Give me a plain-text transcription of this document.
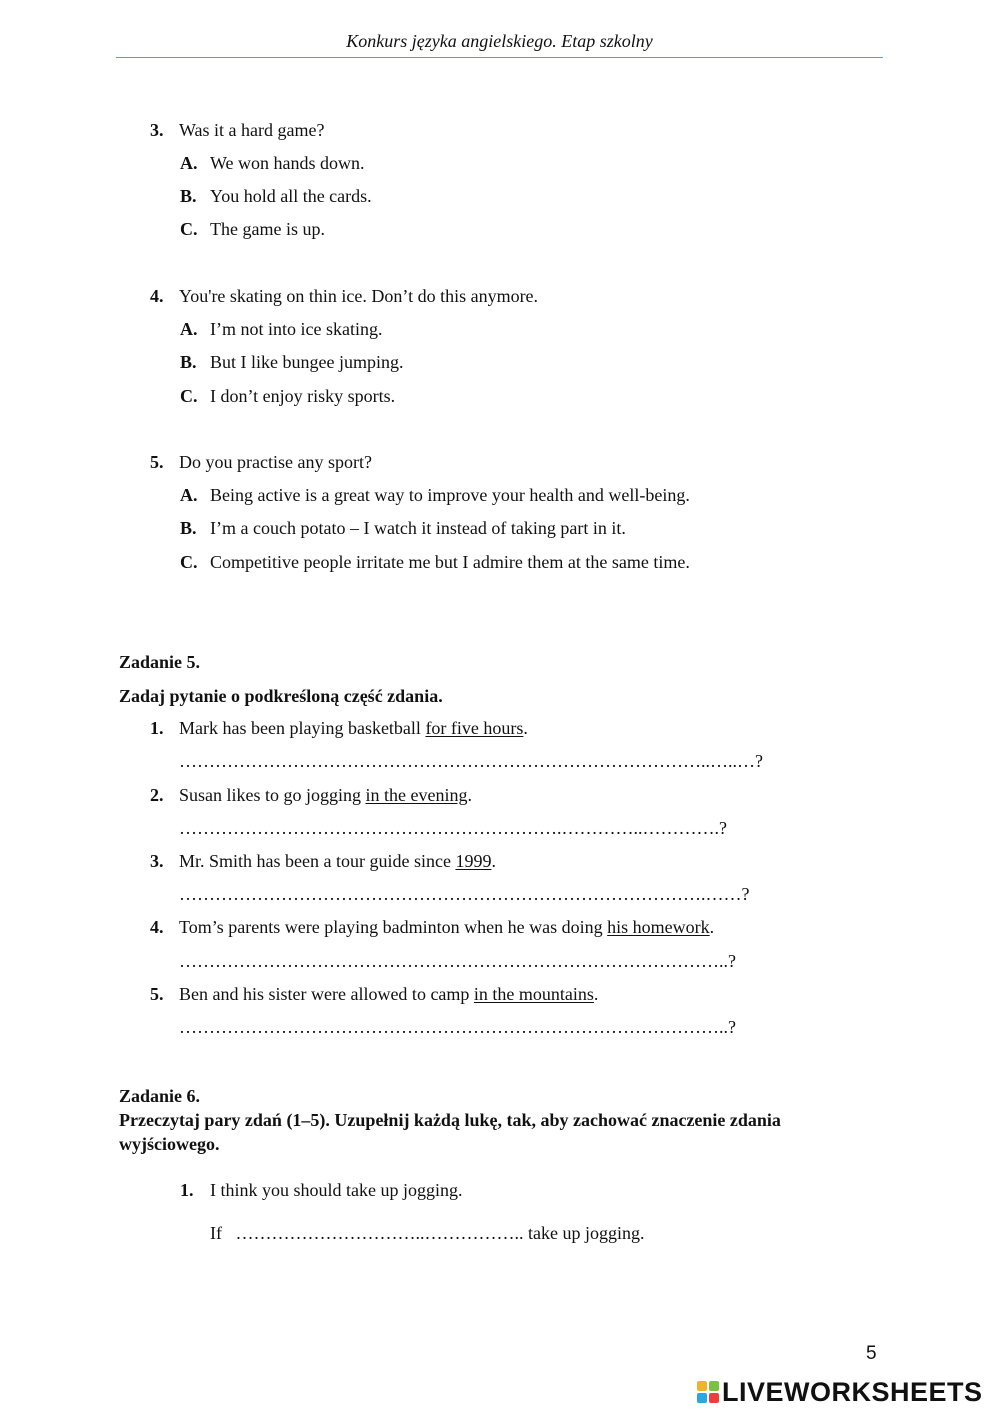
Konkurs języka angielskiego. Etap szkolny
3. Was it a hard game?
A. We won hands down.
B. You hold all the cards.
C. The game is up.
4. You're skating on thin ice. Don’t do this anymore.
A. I’m not into ice skating.
B. But I like bungee jumping.
C. I don’t enjoy risky sports.
5. Do you practise any sport?
A. Being active is a great way to improve your health and well-being.
B. I’m a couch potato – I watch it instead of taking part in it.
C. Competitive people irritate me but I admire them at the same time.
Zadanie 5.
Zadaj pytanie o podkreśloną część zdania.
1. Mark has been playing basketball for five hours.
……………………………………………………………………………..…..…?
2. Susan likes to go jogging in the evening.
……………………………………………………….…………..………….?
3. Mr. Smith has been a tour guide since 1999.
…………………………………………………………………………….……?
4. Tom’s parents were playing badminton when he was doing his homework.
………………………………………………………………………………..?
5. Ben and his sister were allowed to camp in the mountains.
………………………………………………………………………………..?
Zadanie 6.
Przeczytaj pary zdań (1–5). Uzupełnij każdą lukę, tak, aby zachować znaczenie zdania
wyjściowego.
1. I think you should take up jogging.
If …………………………..…………….. take up jogging.
5
LIVEWORKSHEETS
